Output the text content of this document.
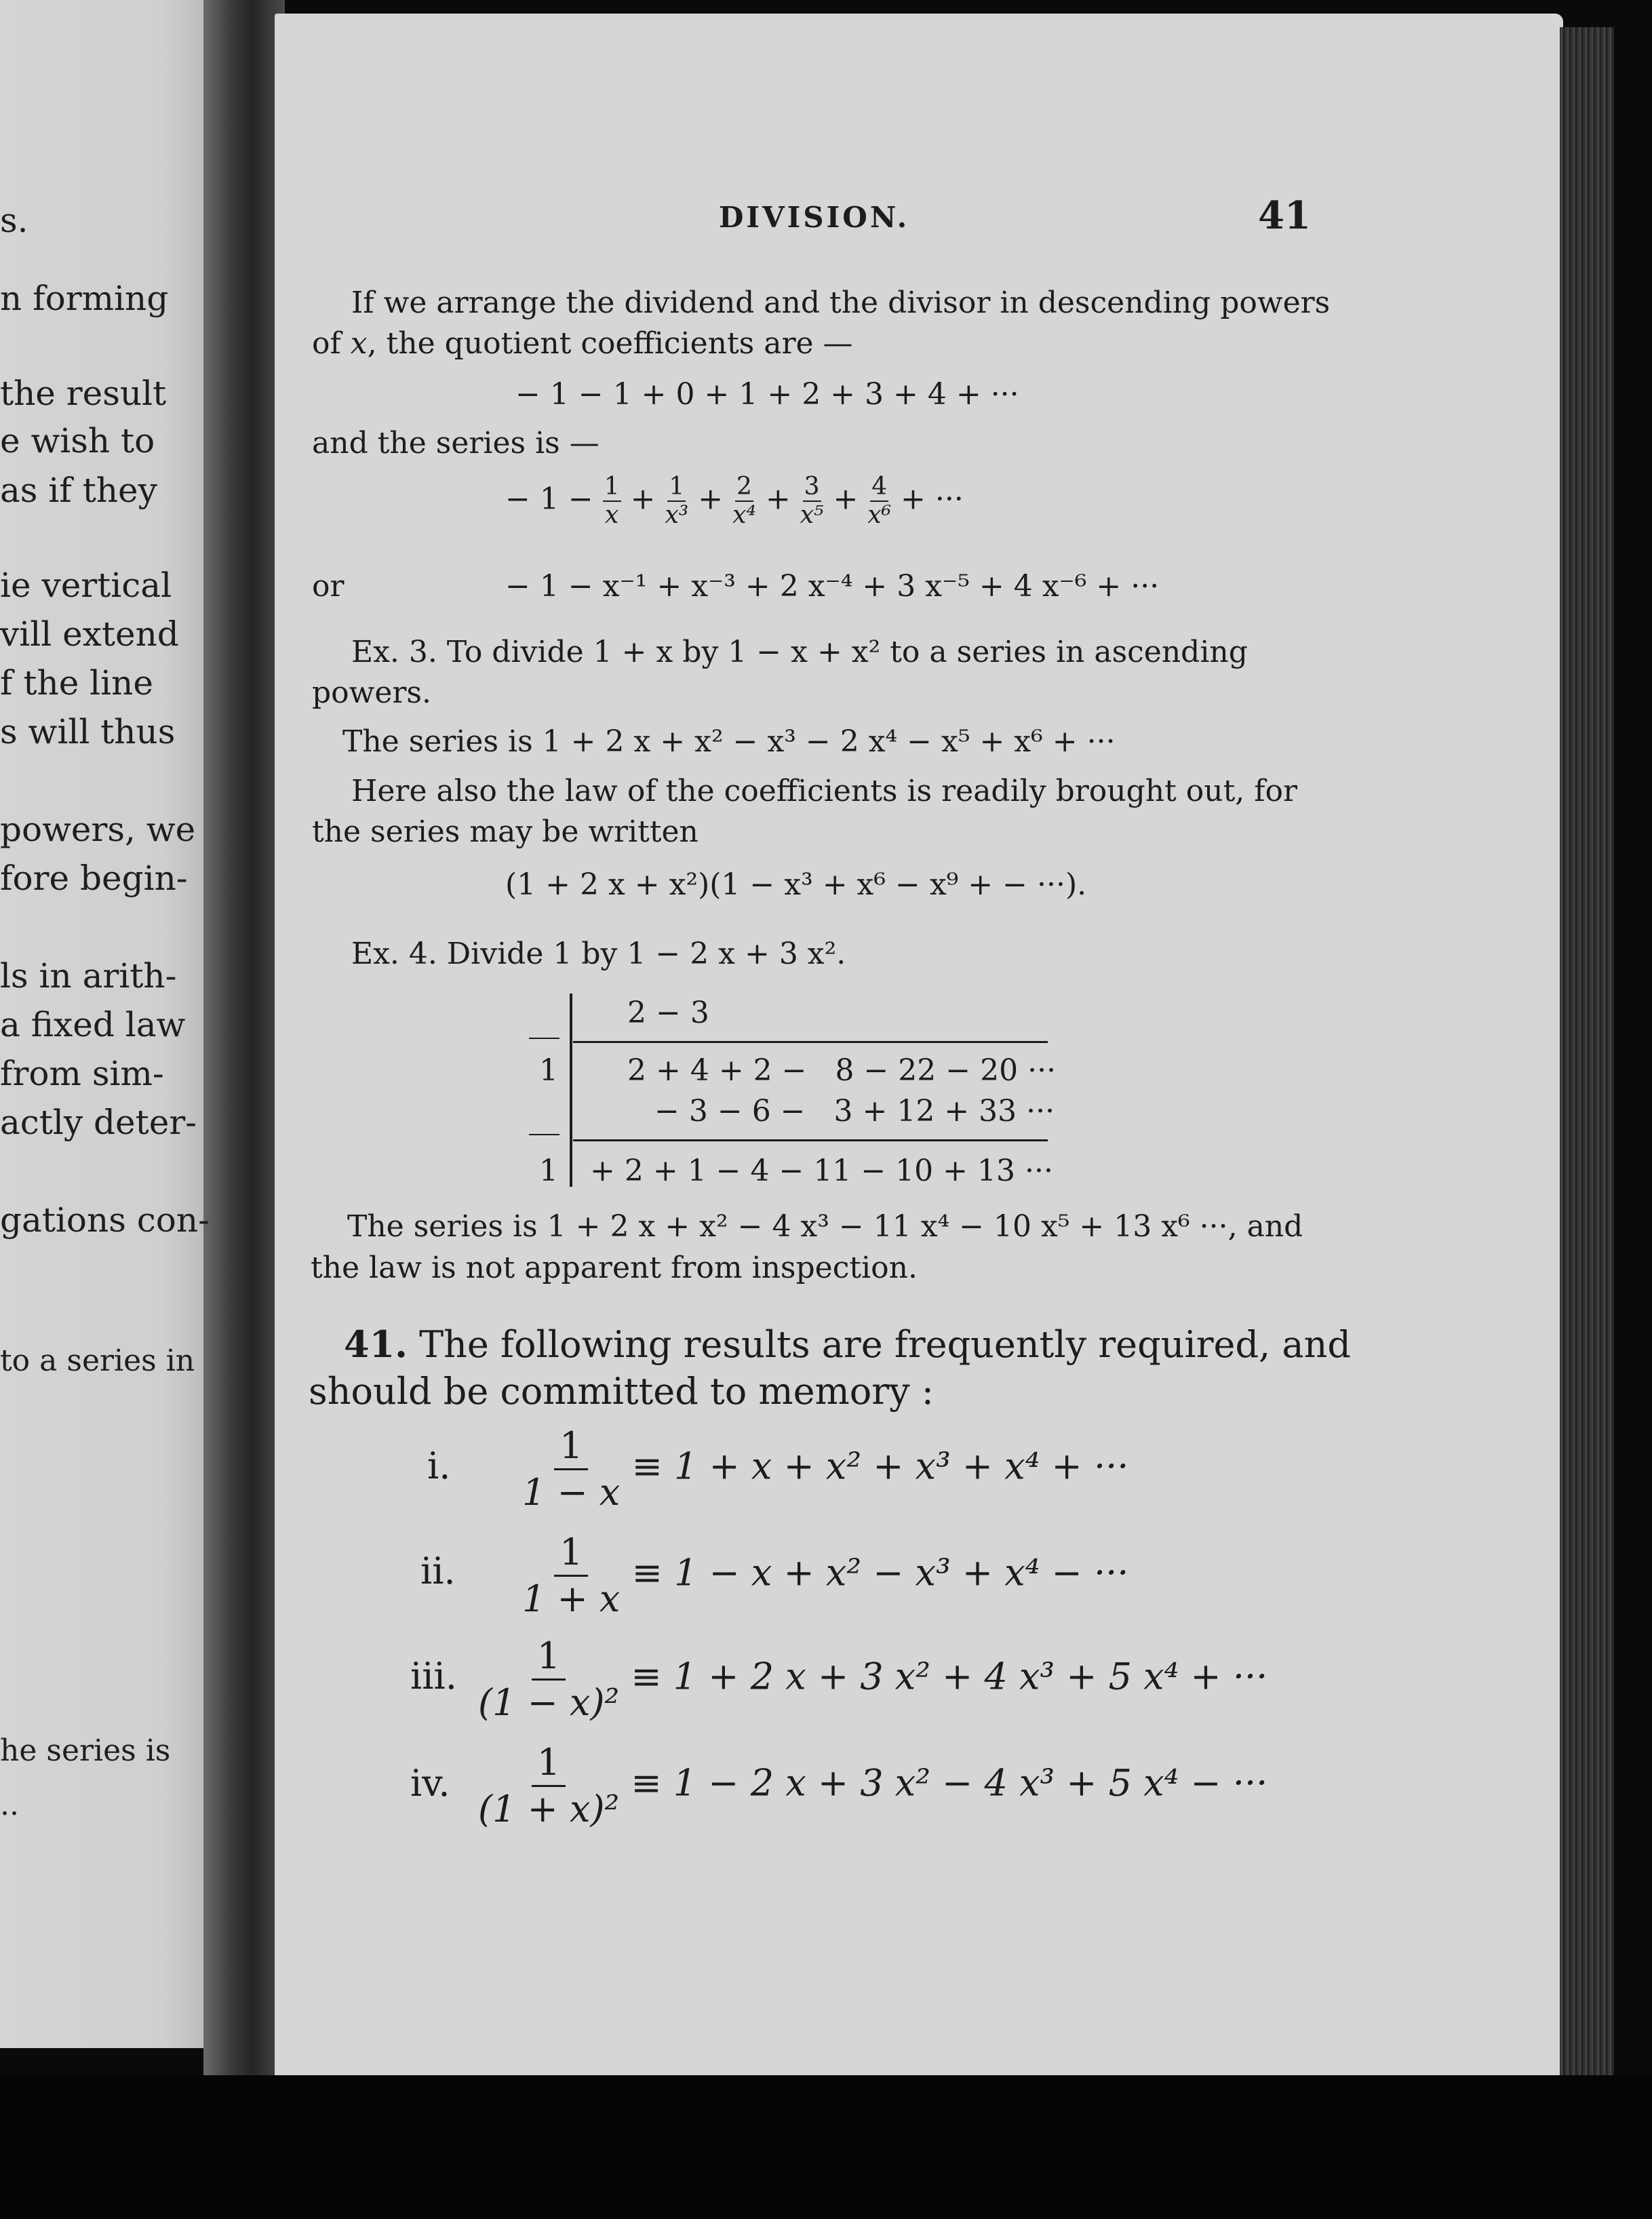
s.
n forming
the result
e wish to
as if they
ie vertical
vill extend
f the line
s will thus
powers, we
fore begin-
ls in arith-
a fixed law
from sim-
actly deter-
gations con-
to a series in
he series is
..
DIVISION.	41
If we arrange the dividend and the divisor in descending powers
of x, the quotient coefficients are —
− 1 − 1 + 0 + 1 + 2 + 3 + 4 + ···
and the series is —
− $1 - \frac{1}{x} + \frac{1}{\text{x³}} + \frac{2}{\text{x⁴}} + \frac{3}{\text{x⁵}} + \frac{4}{\text{x⁶}}$ + ···
or	− 1 − x⁻¹ + x⁻³ + 2 x⁻⁴ + 3 x⁻⁵ + 4 x⁻⁶ + ···
Ex. 3. To divide 1 + x by 1 − x + x² to a series in ascending
powers.
The series is 1 + 2 x + x² − x³ − 2 x⁴ − x⁵ + x⁶ + ···
Here also the law of the coefficients is readily brought out, for
the series may be written
(1 + 2 x + x²)(1 − x³ + x⁶ − x⁹ + − ···).
Ex. 4. Divide 1 by 1 − 2 x + 3 x².
2 − 3
1 2 + 4 + 2 −   8 − 22 − 20 ···
− 3 − 6 −   3 + 12 + 33 ···
1 + 2 + 1 − 4 − 11 − 10 + 13 ···
The series is 1 + 2 x + x² − 4 x³ − 11 x⁴ − 10 x⁵ + 13 x⁶ ···, and
the law is not apparent from inspection.
41. The following results are frequently required, and
should be committed to memory :
i. $\frac{1}{1 - x} \equiv 1 + x + x^2 + x^3 + x^4$ + ···
ii. $\frac{1}{1 + x} \equiv 1 - x + x^2 - x^3 + x^4$ − ···
iii. $\frac{1}{\text{(1 − x)²}} \equiv 1 + 2$ x + 3 x² + 4 x³ + 5 x⁴ + ···
iv. $\frac{1}{\text{(1 + x)²}} \equiv 1 - 2$ x + 3 x² − 4 x³ + 5 x⁴ − ···
